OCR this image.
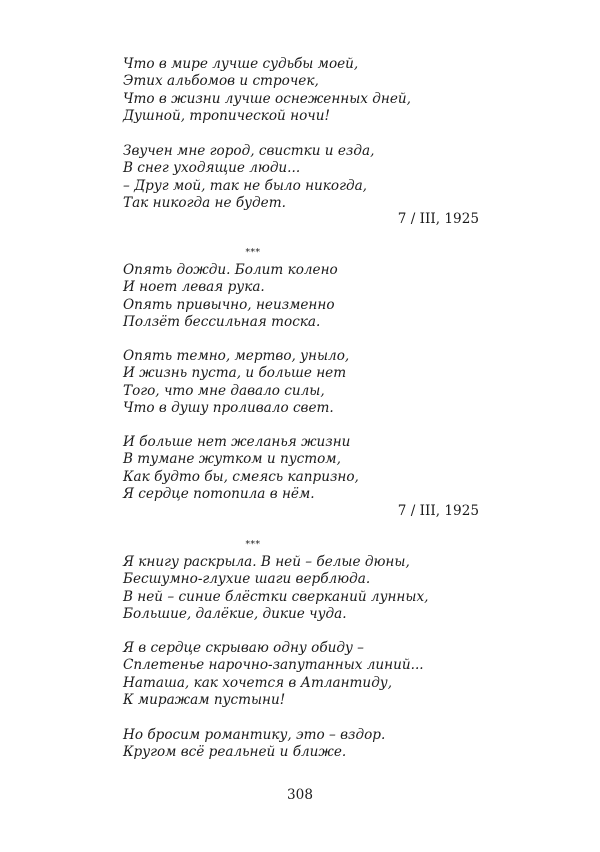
Что в мире лучше судьбы моей,
Этих альбомов и строчек,
Что в жизни лучше оснеженных дней,
Душной, тропической ночи!
Звучен мне город, свистки и езда,
В снег уходящие люди...
– Друг мой, так не было никогда,
Так никогда не будет.
7 / III, 1925
***
Опять дожди. Болит колено
И ноет левая рука.
Опять привычно, неизменно
Ползёт бессильная тоска.
Опять темно, мертво, уныло,
И жизнь пуста, и больше нет
Того, что мне давало силы,
Что в душу проливало свет.
И больше нет желанья жизни
В тумане жутком и пустом,
Как будто бы, смеясь капризно,
Я сердце потопила в нём.
7 / III, 1925
***
Я книгу раскрыла. В ней – белые дюны,
Бесшумно-глухие шаги верблюда.
В ней – синие блёстки сверканий лунных,
Большие, далёкие, дикие чуда.
Я в сердце скрываю одну обиду –
Сплетенье нарочно-запутанных линий...
Наташа, как хочется в Атлантиду,
К миражам пустыни!
Но бросим романтику, это – вздор.
Кругом всё реальней и ближе.
308
